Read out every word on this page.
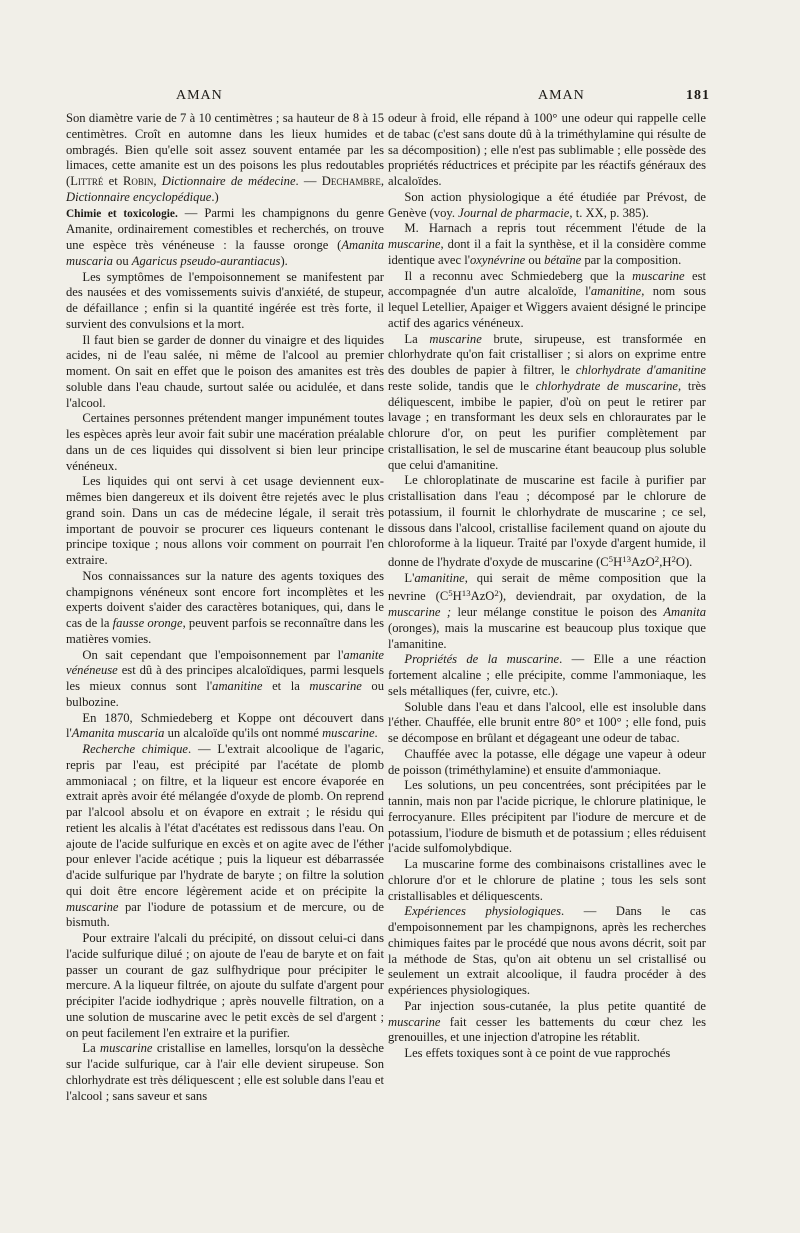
AMAN	AMAN	181

Son diamètre varie de 7 à 10 centimètres ; sa hauteur de 8 à 15 centimètres. Croît en automne dans les lieux humides et ombragés. Bien qu'elle soit assez souvent entamée par les limaces, cette amanite est un des poisons les plus redoutables (Littré et Robin, Dictionnaire de médecine. — Dechambre, Dictionnaire encyclopédique.)

Chimie et toxicologie. — Parmi les champignons du genre Amanite, ordinairement comestibles et recherchés, on trouve une espèce très vénéneuse : la fausse oronge (Amanita muscaria ou Agaricus pseudo-aurantiacus).

Les symptômes de l'empoisonnement se manifestent par des nausées et des vomissements suivis d'anxiété, de stupeur, de défaillance ; enfin si la quantité ingérée est très forte, il survient des convulsions et la mort.

Il faut bien se garder de donner du vinaigre et des liquides acides, ni de l'eau salée, ni même de l'alcool au premier moment. On sait en effet que le poison des amanites est très soluble dans l'eau chaude, surtout salée ou acidulée, et dans l'alcool.

Certaines personnes prétendent manger impunément toutes les espèces après leur avoir fait subir une macération préalable dans un de ces liquides qui dissolvent si bien leur principe vénéneux.

Les liquides qui ont servi à cet usage deviennent eux-mêmes bien dangereux et ils doivent être rejetés avec le plus grand soin. Dans un cas de médecine légale, il serait très important de pouvoir se procurer ces liqueurs contenant le principe toxique ; nous allons voir comment on pourrait l'en extraire.

Nos connaissances sur la nature des agents toxiques des champignons vénéneux sont encore fort incomplètes et les experts doivent s'aider des caractères botaniques, qui, dans le cas de la fausse oronge, peuvent parfois se reconnaître dans les matières vomies.

On sait cependant que l'empoisonnement par l'amanite vénéneuse est dû à des principes alcaloïdiques, parmi lesquels les mieux connus sont l'amanitine et la muscarine ou bulbozine.

En 1870, Schmiedeberg et Koppe ont découvert dans l'Amanita muscaria un alcaloïde qu'ils ont nommé muscarine.

Recherche chimique. — L'extrait alcoolique de l'agaric, repris par l'eau, est précipité par l'acétate de plomb ammoniacal ; on filtre, et la liqueur est encore évaporée en extrait après avoir été mélangée d'oxyde de plomb. On reprend par l'alcool absolu et on évapore en extrait ; le résidu qui retient les alcalis à l'état d'acétates est redissous dans l'eau. On ajoute de l'acide sulfurique en excès et on agite avec de l'éther pour enlever l'acide acétique ; puis la liqueur est débarrassée d'acide sulfurique par l'hydrate de baryte ; on filtre la solution qui doit être encore légèrement acide et on précipite la muscarine par l'iodure de potassium et de mercure, ou de bismuth.

Pour extraire l'alcali du précipité, on dissout celui-ci dans l'acide sulfurique dilué ; on ajoute de l'eau de baryte et on fait passer un courant de gaz sulfhydrique pour précipiter le mercure. A la liqueur filtrée, on ajoute du sulfate d'argent pour précipiter l'acide iodhydrique ; après nouvelle filtration, on a une solution de muscarine avec le petit excès de sel d'argent ; on peut facilement l'en extraire et la purifier.

La muscarine cristallise en lamelles, lorsqu'on la dessèche sur l'acide sulfurique, car à l'air elle devient sirupeuse. Son chlorhydrate est très déliquescent ; elle est soluble dans l'eau et l'alcool ; sans saveur et sans

odeur à froid, elle répand à 100° une odeur qui rappelle celle de tabac (c'est sans doute dû à la triméthylamine qui résulte de sa décomposition) ; elle n'est pas sublimable ; elle possède des propriétés réductrices et précipite par les réactifs généraux des alcaloïdes.

Son action physiologique a été étudiée par Prévost, de Genève (voy. Journal de pharmacie, t. XX, p. 385).

M. Harnach a repris tout récemment l'étude de la muscarine, dont il a fait la synthèse, et il la considère comme identique avec l'oxynévrine ou bétaïne par la composition.

Il a reconnu avec Schmiedeberg que la muscarine est accompagnée d'un autre alcaloïde, l'amanitine, nom sous lequel Letellier, Apaiger et Wiggers avaient désigné le principe actif des agarics vénéneux.

La muscarine brute, sirupeuse, est transformée en chlorhydrate qu'on fait cristalliser ; si alors on exprime entre des doubles de papier à filtrer, le chlorhydrate d'amanitine reste solide, tandis que le chlorhydrate de muscarine, très déliquescent, imbibe le papier, d'où on peut le retirer par lavage ; en transformant les deux sels en chloraurates par le chlorure d'or, on peut les purifier complètement par cristallisation, le sel de muscarine étant beaucoup plus soluble que celui d'amanitine.

Le chloroplatinate de muscarine est facile à purifier par cristallisation dans l'eau ; décomposé par le chlorure de potassium, il fournit le chlorhydrate de muscarine ; ce sel, dissous dans l'alcool, cristallise facilement quand on ajoute du chloroforme à la liqueur. Traité par l'oxyde d'argent humide, il donne de l'hydrate d'oxyde de muscarine $(C^5H^{13}AzO^2,H^2O)$.

L'amanitine, qui serait de même composition que la nevrine $(C^5H^{13}AzO^2)$, deviendrait, par oxydation, de la muscarine ; leur mélange constitue le poison des Amanita (oronges), mais la muscarine est beaucoup plus toxique que l'amanitine.

Propriétés de la muscarine. — Elle a une réaction fortement alcaline ; elle précipite, comme l'ammoniaque, les sels métalliques (fer, cuivre, etc.).

Soluble dans l'eau et dans l'alcool, elle est insoluble dans l'éther. Chauffée, elle brunit entre 80° et 100° ; elle fond, puis se décompose en brûlant et dégageant une odeur de tabac.

Chauffée avec la potasse, elle dégage une vapeur à odeur de poisson (triméthylamine) et ensuite d'ammoniaque.

Les solutions, un peu concentrées, sont précipitées par le tannin, mais non par l'acide picrique, le chlorure platinique, le ferrocyanure. Elles précipitent par l'iodure de mercure et de potassium, l'iodure de bismuth et de potassium ; elles réduisent l'acide sulfomolybdique.

La muscarine forme des combinaisons cristallines avec le chlorure d'or et le chlorure de platine ; tous les sels sont cristallisables et déliquescents.

Expériences physiologiques. — Dans le cas d'empoisonnement par les champignons, après les recherches chimiques faites par le procédé que nous avons décrit, soit par la méthode de Stas, qu'on ait obtenu un sel cristallisé ou seulement un extrait alcoolique, il faudra procéder à des expériences physiologiques.

Par injection sous-cutanée, la plus petite quantité de muscarine fait cesser les battements du cœur chez les grenouilles, et une injection d'atropine les rétablit.

Les effets toxiques sont à ce point de vue rapprochés
